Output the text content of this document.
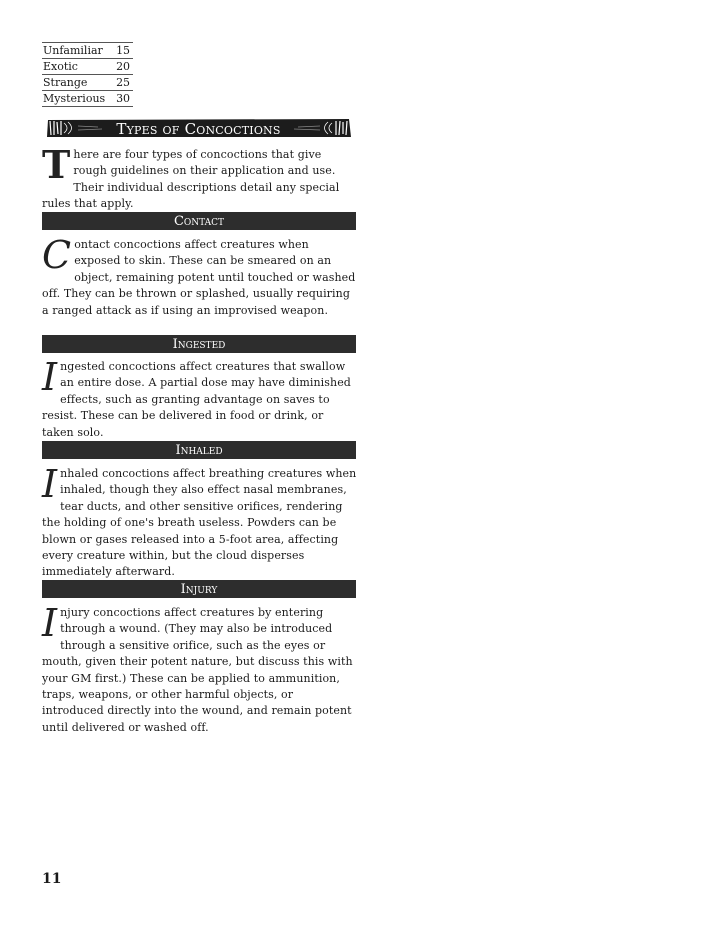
Unfamiliar	15
Exotic	20
Strange	25
Mysterious	30
Types of Concoctions
T here are four types of concoctions that give rough guidelines on their application and use. Their individual descriptions detail any special rules that apply.

Contact
C ontact concoctions affect creatures when exposed to skin. These can be smeared on an object, remaining potent until touched or washed off. They can be thrown or splashed, usually requiring a ranged attack as if using an improvised weapon.

Ingested
I ngested concoctions affect creatures that swallow an entire dose. A partial dose may have diminished effects, such as granting advantage on saves to resist. These can be delivered in food or drink, or taken solo.

Inhaled
I nhaled concoctions affect breathing creatures when inhaled, though they also effect nasal membranes, tear ducts, and other sensitive orifices, rendering the holding of one's breath useless. Powders can be blown or gases released into a 5-foot area, affecting every creature within, but the cloud disperses immediately afterward.

Injury
I njury concoctions affect creatures by entering through a wound. (They may also be introduced through a sensitive orifice, such as the eyes or mouth, given their potent nature, but discuss this with your GM first.) These can be applied to ammunition, traps, weapons, or other harmful objects, or introduced directly into the wound, and remain potent until delivered or washed off.

11
